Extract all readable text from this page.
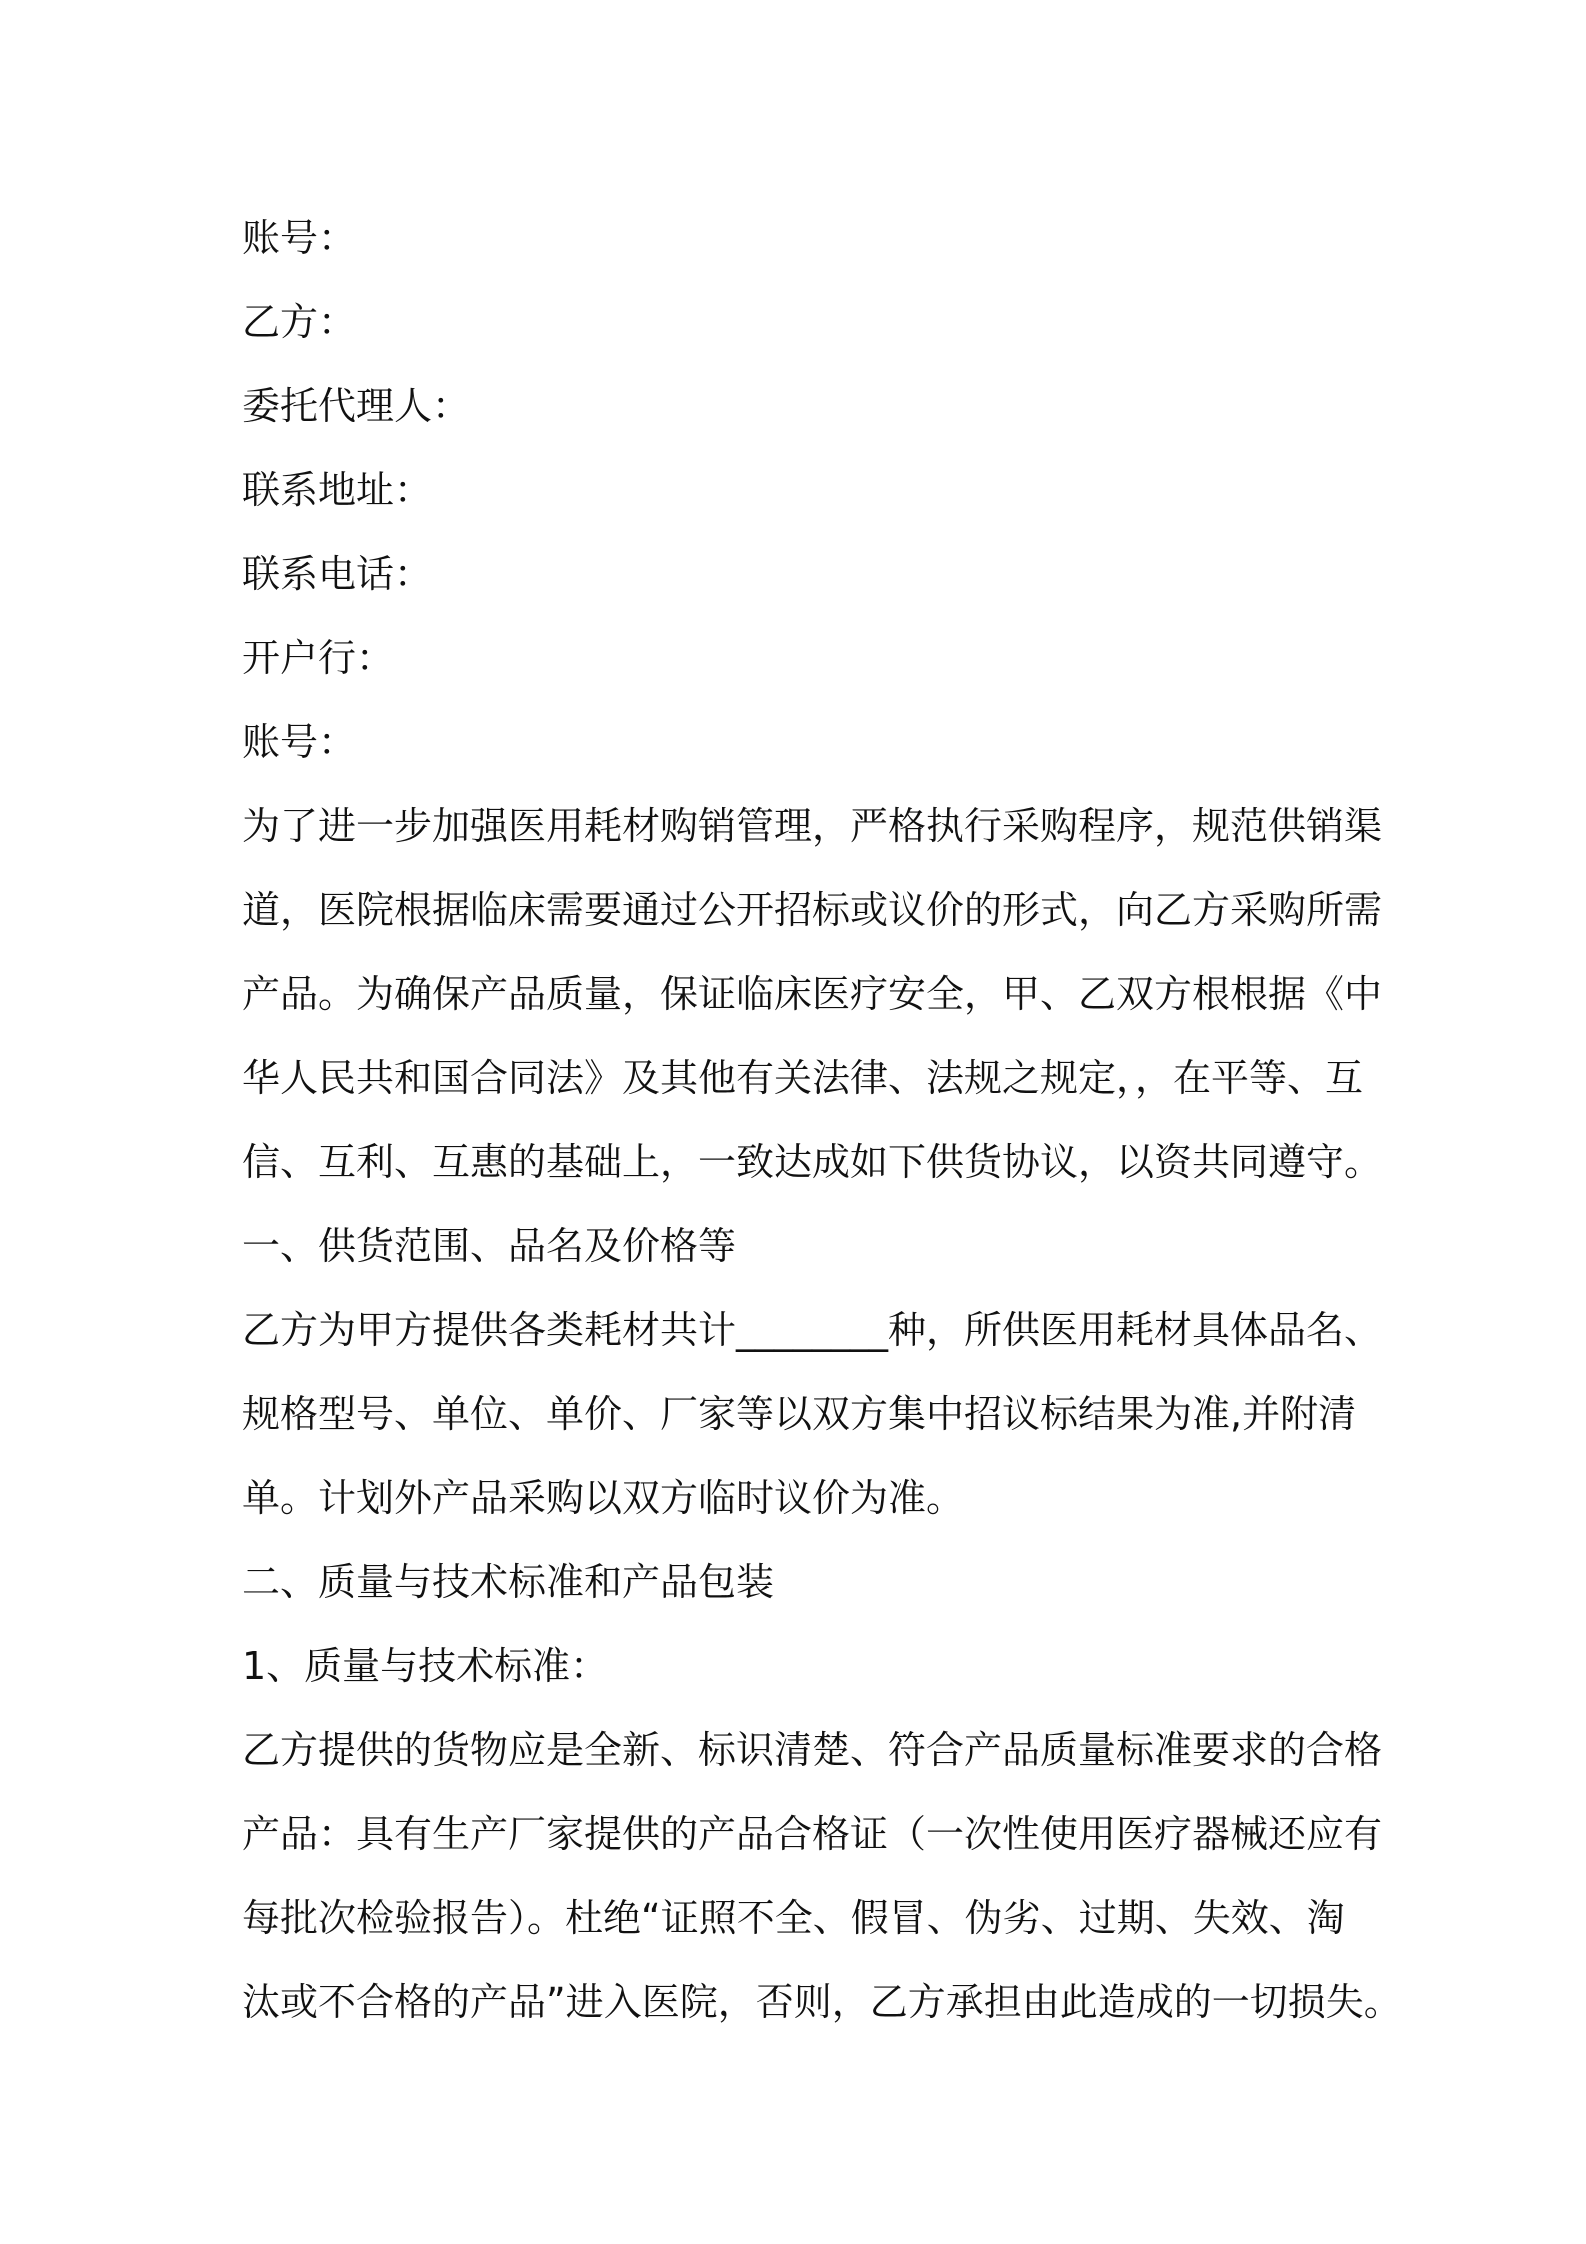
账号：
乙方：
委托代理人：
联系地址：
联系电话：
开户行：
账号：
为了进一步加强医用耗材购销管理，严格执行采购程序，规范供销渠
道，医院根据临床需要通过公开招标或议价的形式，向乙方采购所需
产品。为确保产品质量，保证临床医疗安全，甲、乙双方根根据《中
华人民共和国合同法》及其他有关法律、法规之规定，，在平等、互
信、互利、互惠的基础上，一致达成如下供货协议，以资共同遵守。
一、供货范围、品名及价格等
乙方为甲方提供各类耗材共计________种，所供医用耗材具体品名、
规格型号、单位、单价、厂家等以双方集中招议标结果为准,并附清
单。计划外产品采购以双方临时议价为准。
二、质量与技术标准和产品包装
1、质量与技术标准：
乙方提供的货物应是全新、标识清楚、符合产品质量标准要求的合格
产品：具有生产厂家提供的产品合格证（一次性使用医疗器械还应有
每批次检验报告）。杜绝“证照不全、假冒、伪劣、过期、失效、淘
汰或不合格的产品”进入医院，否则，乙方承担由此造成的一切损失。
